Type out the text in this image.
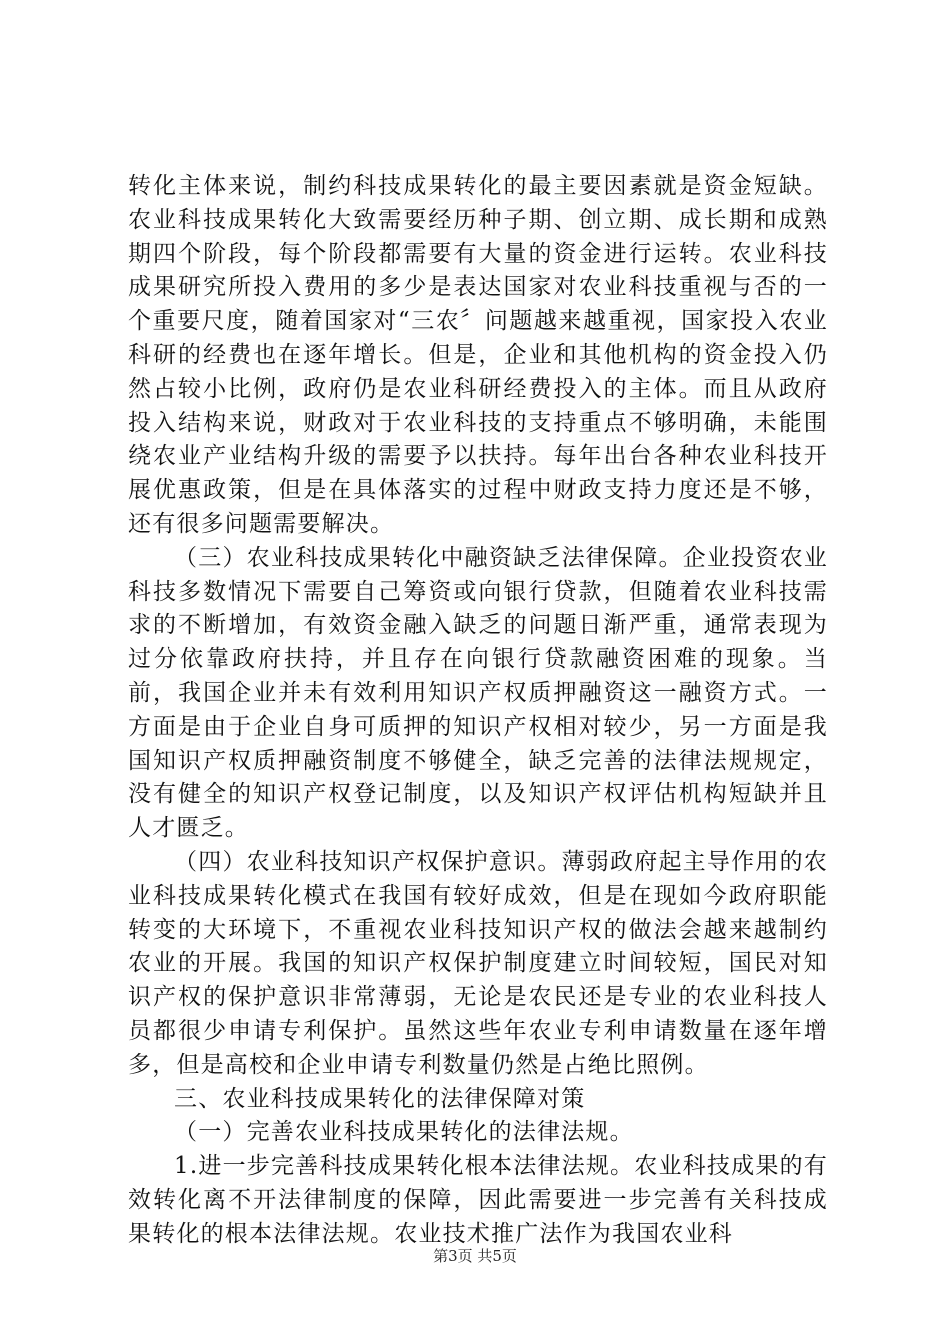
转化主体来说，制约科技成果转化的最主要因素就是资金短缺。农业科技成果转化大致需要经历种子期、创立期、成长期和成熟期四个阶段，每个阶段都需要有大量的资金进行运转。农业科技成果研究所投入费用的多少是表达国家对农业科技重视与否的一个重要尺度，随着国家对“三农〞问题越来越重视，国家投入农业科研的经费也在逐年增长。但是，企业和其他机构的资金投入仍然占较小比例，政府仍是农业科研经费投入的主体。而且从政府投入结构来说，财政对于农业科技的支持重点不够明确，未能围绕农业产业结构升级的需要予以扶持。每年出台各种农业科技开展优惠政策，但是在具体落实的过程中财政支持力度还是不够，还有很多问题需要解决。

（三）农业科技成果转化中融资缺乏法律保障。企业投资农业科技多数情况下需要自己筹资或向银行贷款，但随着农业科技需求的不断增加，有效资金融入缺乏的问题日渐严重，通常表现为过分依靠政府扶持，并且存在向银行贷款融资困难的现象。当前，我国企业并未有效利用知识产权质押融资这一融资方式。一方面是由于企业自身可质押的知识产权相对较少，另一方面是我国知识产权质押融资制度不够健全，缺乏完善的法律法规规定，没有健全的知识产权登记制度，以及知识产权评估机构短缺并且人才匮乏。

（四）农业科技知识产权保护意识。薄弱政府起主导作用的农业科技成果转化模式在我国有较好成效，但是在现如今政府职能转变的大环境下，不重视农业科技知识产权的做法会越来越制约农业的开展。我国的知识产权保护制度建立时间较短，国民对知识产权的保护意识非常薄弱，无论是农民还是专业的农业科技人员都很少申请专利保护。虽然这些年农业专利申请数量在逐年增多，但是高校和企业申请专利数量仍然是占绝比照例。

三、农业科技成果转化的法律保障对策

（一）完善农业科技成果转化的法律法规。

1.进一步完善科技成果转化根本法律法规。农业科技成果的有效转化离不开法律制度的保障，因此需要进一步完善有关科技成果转化的根本法律法规。农业技术推广法作为我国农业科

第3页 共5页
